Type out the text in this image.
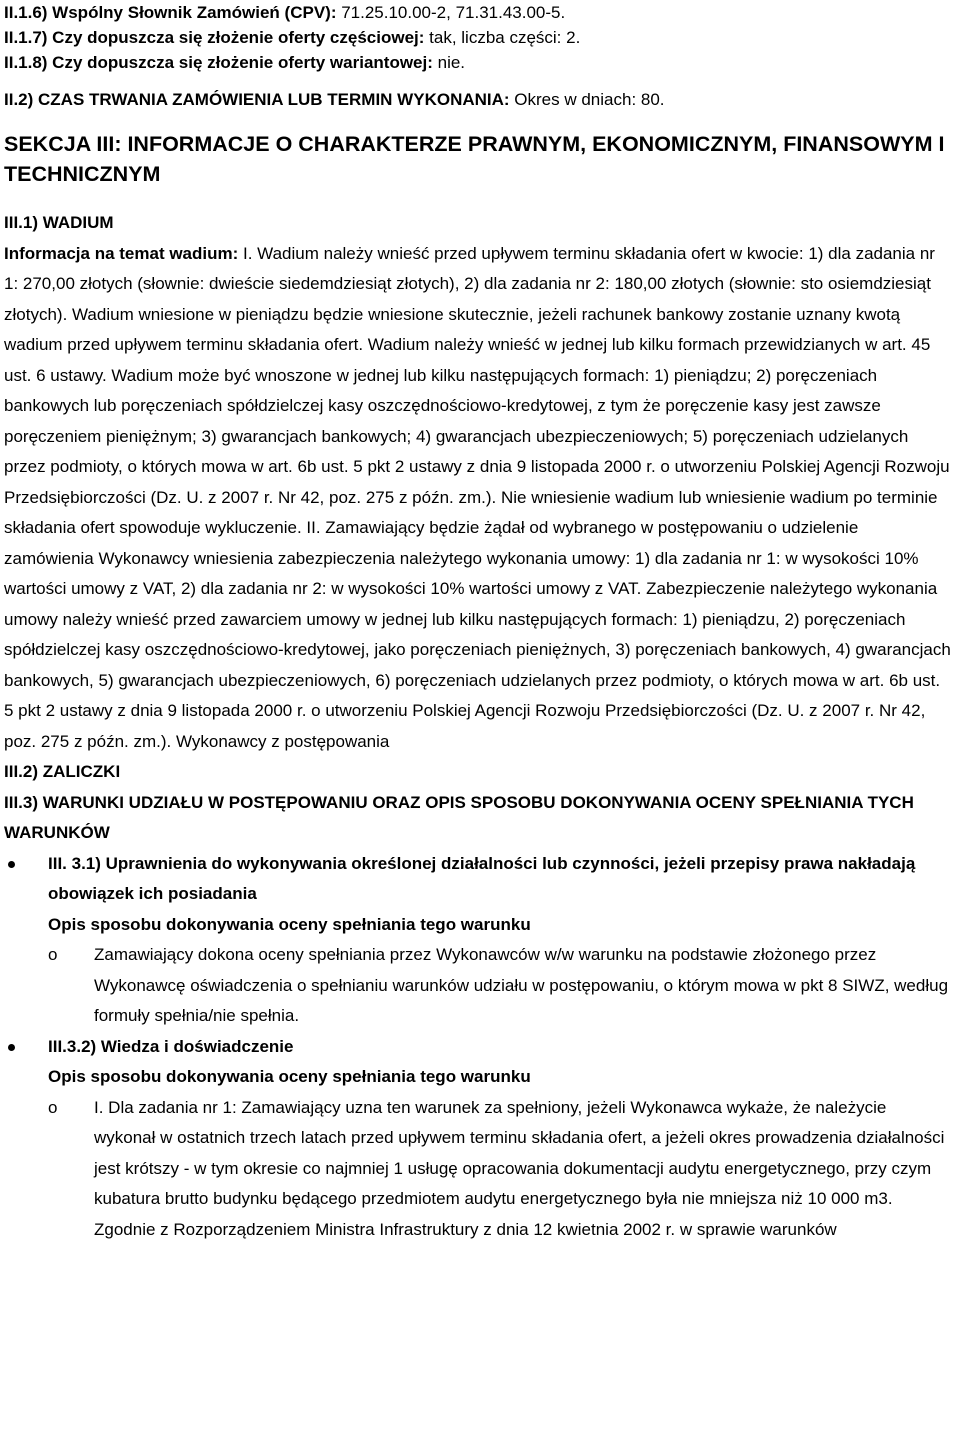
II.1.6) Wspólny Słownik Zamówień (CPV): 71.25.10.00-2, 71.31.43.00-5.

II.1.7) Czy dopuszcza się złożenie oferty częściowej: tak, liczba części: 2.

II.1.8) Czy dopuszcza się złożenie oferty wariantowej: nie.

II.2) CZAS TRWANIA ZAMÓWIENIA LUB TERMIN WYKONANIA: Okres w dniach: 80.

SEKCJA III: INFORMACJE O CHARAKTERZE PRAWNYM, EKONOMICZNYM, FINANSOWYM I TECHNICZNYM

III.1) WADIUM

Informacja na temat wadium: I. Wadium należy wnieść przed upływem terminu składania ofert w kwocie: 1) dla zadania nr 1: 270,00 złotych (słownie: dwieście siedemdziesiąt złotych), 2) dla zadania nr 2: 180,00 złotych (słownie: sto osiemdziesiąt złotych). Wadium wniesione w pieniądzu będzie wniesione skutecznie, jeżeli rachunek bankowy zostanie uznany kwotą wadium przed upływem terminu składania ofert. Wadium należy wnieść w jednej lub kilku formach przewidzianych w art. 45 ust. 6 ustawy. Wadium może być wnoszone w jednej lub kilku następujących formach: 1) pieniądzu; 2) poręczeniach bankowych lub poręczeniach spółdzielczej kasy oszczędnościowo-kredytowej, z tym że poręczenie kasy jest zawsze poręczeniem pieniężnym; 3) gwarancjach bankowych; 4) gwarancjach ubezpieczeniowych; 5) poręczeniach udzielanych przez podmioty, o których mowa w art. 6b ust. 5 pkt 2 ustawy z dnia 9 listopada 2000 r. o utworzeniu Polskiej Agencji Rozwoju Przedsiębiorczości (Dz. U. z 2007 r. Nr 42, poz. 275 z późn. zm.). Nie wniesienie wadium lub wniesienie wadium po terminie składania ofert spowoduje wykluczenie. II. Zamawiający będzie żądał od wybranego w postępowaniu o udzielenie zamówienia Wykonawcy wniesienia zabezpieczenia należytego wykonania umowy: 1) dla zadania nr 1: w wysokości 10% wartości umowy z VAT, 2) dla zadania nr 2: w wysokości 10% wartości umowy z VAT. Zabezpieczenie należytego wykonania umowy należy wnieść przed zawarciem umowy w jednej lub kilku następujących formach: 1) pieniądzu, 2) poręczeniach spółdzielczej kasy oszczędnościowo-kredytowej, jako poręczeniach pieniężnych, 3) poręczeniach bankowych, 4) gwarancjach bankowych, 5) gwarancjach ubezpieczeniowych, 6) poręczeniach udzielanych przez podmioty, o których mowa w art. 6b ust. 5 pkt 2 ustawy z dnia 9 listopada 2000 r. o utworzeniu Polskiej Agencji Rozwoju Przedsiębiorczości (Dz. U. z 2007 r. Nr 42, poz. 275 z późn. zm.). Wykonawcy z postępowania

III.2) ZALICZKI

III.3) WARUNKI UDZIAŁU W POSTĘPOWANIU ORAZ OPIS SPOSOBU DOKONYWANIA OCENY SPEŁNIANIA TYCH WARUNKÓW

III. 3.1) Uprawnienia do wykonywania określonej działalności lub czynności, jeżeli przepisy prawa nakładają obowiązek ich posiadania

Opis sposobu dokonywania oceny spełniania tego warunku

o Zamawiający dokona oceny spełniania przez Wykonawców w/w warunku na podstawie złożonego przez Wykonawcę oświadczenia o spełnianiu warunków udziału w postępowaniu, o którym mowa w pkt 8 SIWZ, według formuły spełnia/nie spełnia.

III.3.2) Wiedza i doświadczenie

Opis sposobu dokonywania oceny spełniania tego warunku

o I. Dla zadania nr 1: Zamawiający uzna ten warunek za spełniony, jeżeli Wykonawca wykaże, że należycie wykonał w ostatnich trzech latach przed upływem terminu składania ofert, a jeżeli okres prowadzenia działalności jest krótszy - w tym okresie co najmniej 1 usługę opracowania dokumentacji audytu energetycznego, przy czym kubatura brutto budynku będącego przedmiotem audytu energetycznego była nie mniejsza niż 10 000 m3. Zgodnie z Rozporządzeniem Ministra Infrastruktury z dnia 12 kwietnia 2002 r. w sprawie warunków
